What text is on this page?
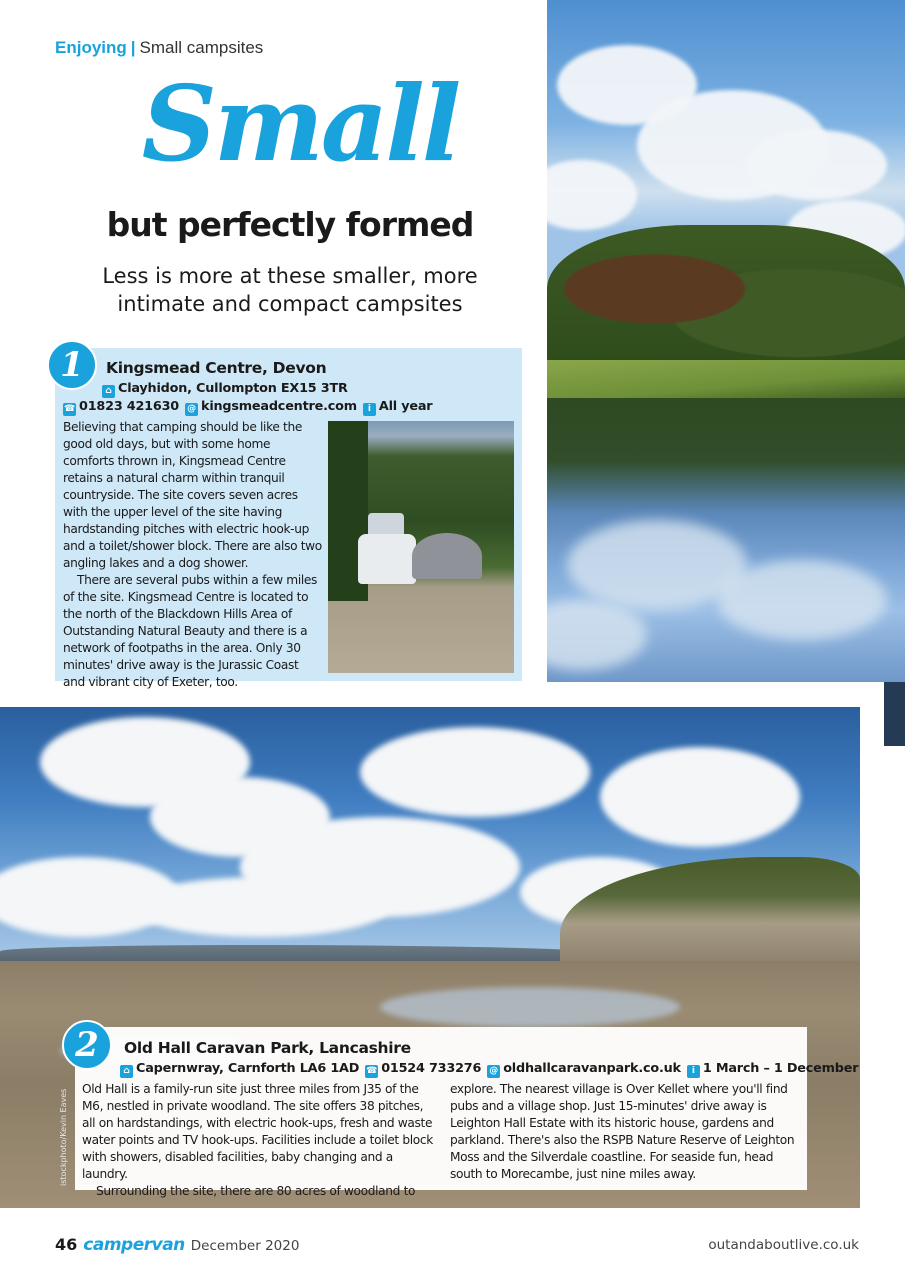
Enjoying | Small campsites
Small
but perfectly formed
Less is more at these smaller, more intimate and compact campsites
1	Kingsmead Centre, Devon
⌂ Clayhidon, Cullompton EX15 3TR
☎ 01823 421630 @ kingsmeadcentre.com i All year

Believing that camping should be like the good old days, but with some home comforts thrown in, Kingsmead Centre retains a natural charm within tranquil countryside. The site covers seven acres with the upper level of the site having hardstanding pitches with electric hook-up and a toilet/shower block. There are also two angling lakes and a dog shower.

There are several pubs within a few miles of the site. Kingsmead Centre is located to the north of the Blackdown Hills Area of Outstanding Natural Beauty and there is a network of footpaths in the area. Only 30 minutes' drive away is the Jurassic Coast and vibrant city of Exeter, too.

istockphoto/Kevin Eaves
2	Old Hall Caravan Park, Lancashire
⌂ Capernwray, Carnforth LA6 1AD ☎ 01524 733276 @ oldhallcaravanpark.co.uk i 1 March – 1 December

Old Hall is a family-run site just three miles from J35 of the M6, nestled in private woodland. The site offers 38 pitches, all on hardstandings, with electric hook-ups, fresh and waste water points and TV hook-ups. Facilities include a toilet block with showers, disabled facilities, baby changing and a laundry.

Surrounding the site, there are 80 acres of woodland to

explore. The nearest village is Over Kellet where you'll find pubs and a village shop. Just 15-minutes' drive away is Leighton Hall Estate with its historic house, gardens and parkland. There's also the RSPB Nature Reserve of Leighton Moss and the Silverdale coastline. For seaside fun, head south to Morecambe, just nine miles away.

46 campervan December 2020	outandaboutlive.co.uk
